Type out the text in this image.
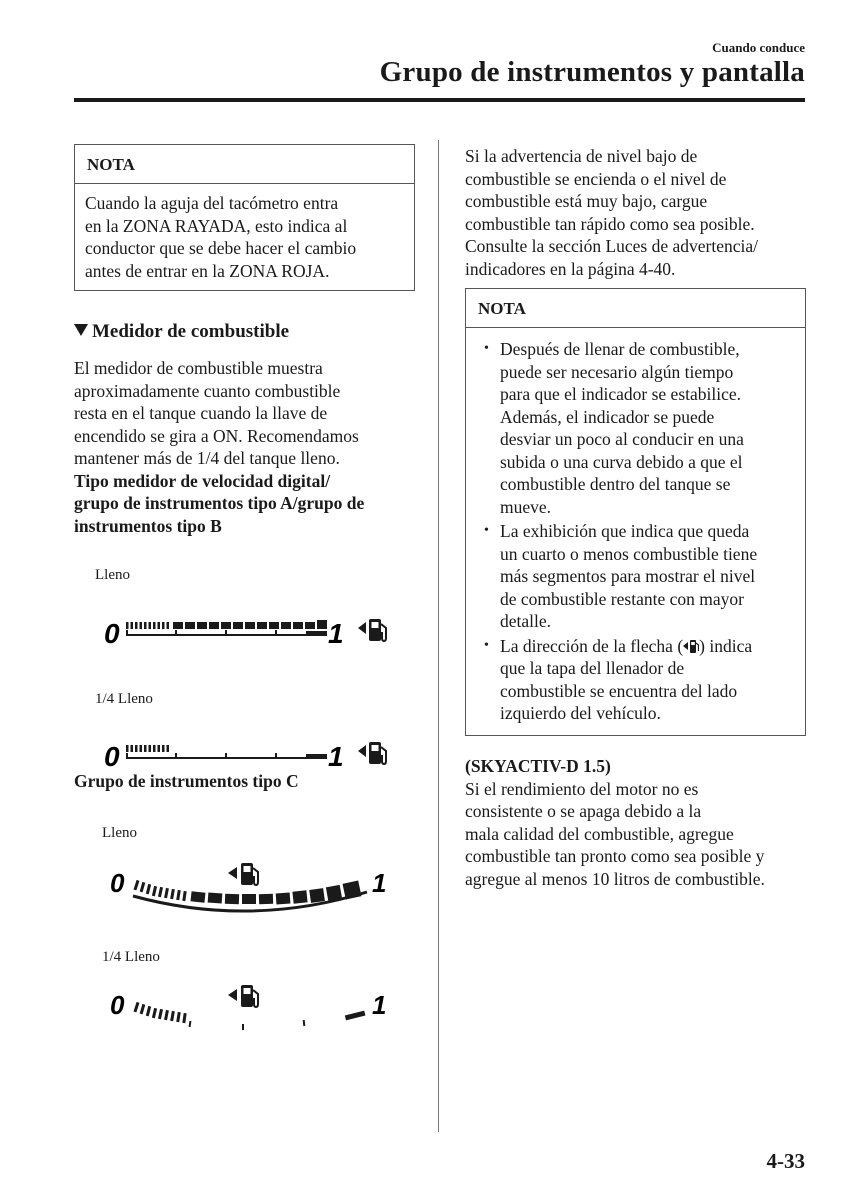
Cuando conduce
Grupo de instrumentos y pantalla
NOTA
Cuando la aguja del tacómetro entra
en la ZONA RAYADA, esto indica al
conductor que se debe hacer el cambio
antes de entrar en la ZONA ROJA.
Medidor de combustible
El medidor de combustible muestra
aproximadamente cuanto combustible
resta en el tanque cuando la llave de
encendido se gira a ON. Recomendamos
mantener más de 1/4 del tanque lleno.
Tipo medidor de velocidad digital/
grupo de instrumentos tipo A/grupo de
instrumentos tipo B
Lleno
0	1
1/4 Lleno
0	1
Grupo de instrumentos tipo C
Lleno
0	1
1/4 Lleno
0	1
Si la advertencia de nivel bajo de
combustible se encienda o el nivel de
combustible está muy bajo, cargue
combustible tan rápido como sea posible.
Consulte la sección Luces de advertencia/
indicadores en la página 4-40.
NOTA
• Después de llenar de combustible,
puede ser necesario algún tiempo
para que el indicador se estabilice.
Además, el indicador se puede
desviar un poco al conducir en una
subida o una curva debido a que el
combustible dentro del tanque se
mueve.
• La exhibición que indica que queda
un cuarto o menos combustible tiene
más segmentos para mostrar el nivel
de combustible restante con mayor
detalle.
• La dirección de la flecha ( ) indica
que la tapa del llenador de
combustible se encuentra del lado
izquierdo del vehículo.
(SKYACTIV-D 1.5)
Si el rendimiento del motor no es
consistente o se apaga debido a la
mala calidad del combustible, agregue
combustible tan pronto como sea posible y
agregue al menos 10 litros de combustible.
4-33
